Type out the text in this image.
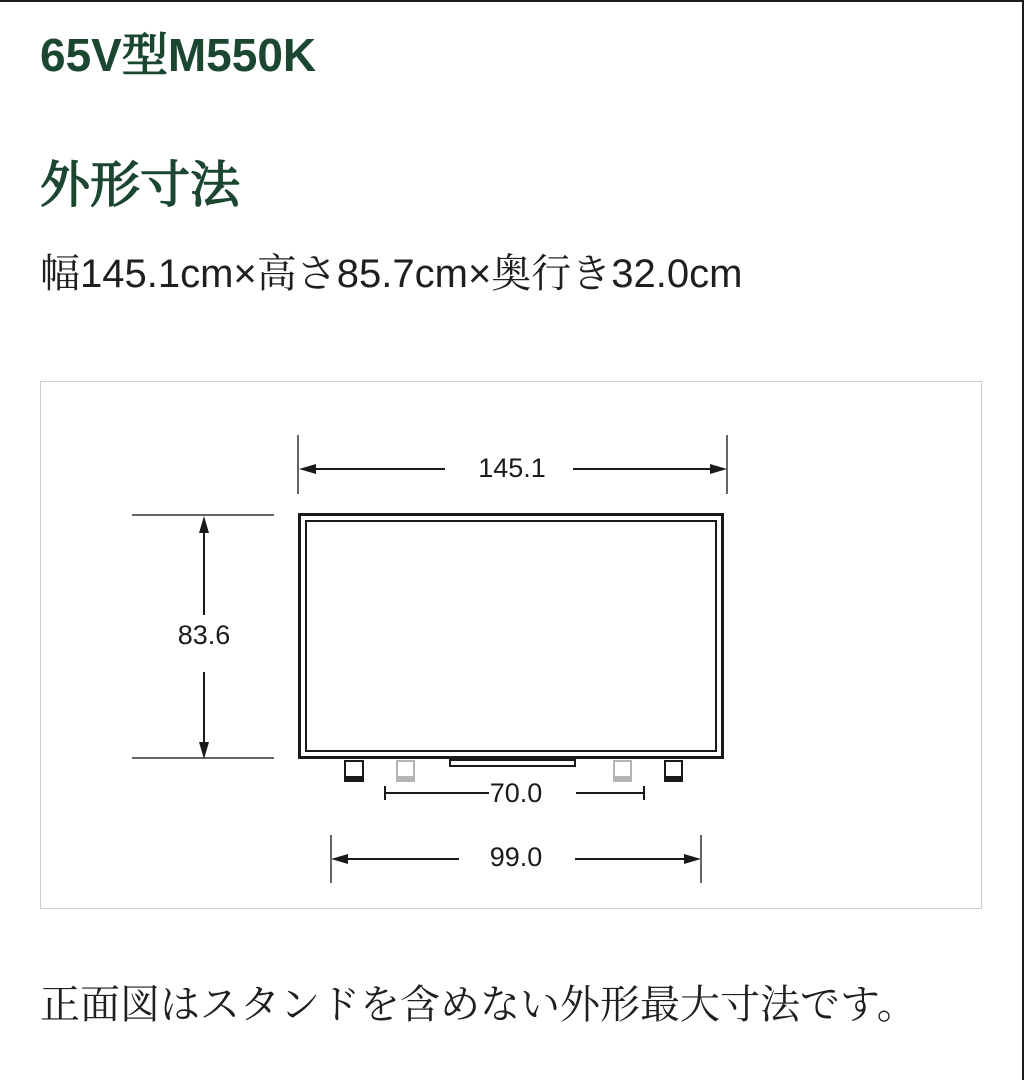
65V型M550K
外形寸法

幅145.1cm×高さ85.7cm×奥行き32.0cm

145.1
83.6
70.0
99.0

正面図はスタンドを含めない外形最大寸法です。
